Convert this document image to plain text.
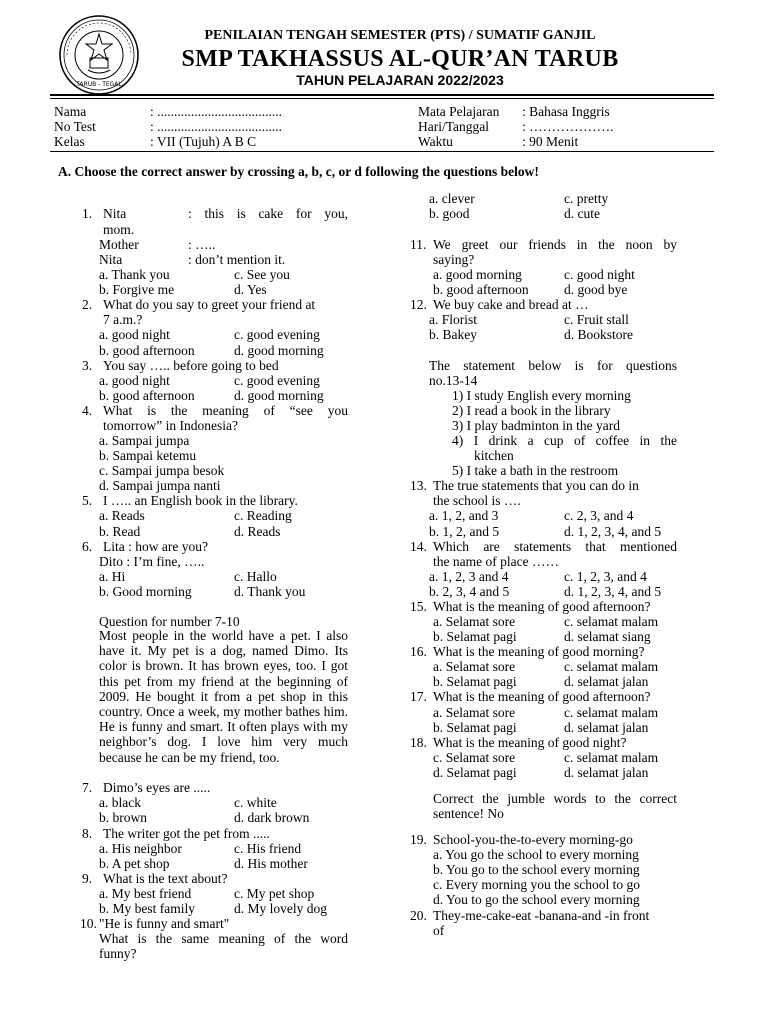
TARUB - TEGAL
PENILAIAN TENGAH SEMESTER (PTS) / SUMATIF GANJIL
SMP TAKHASSUS AL-QUR’AN TARUB
TAHUN PELAJARAN 2022/2023
Nama	: .....................................
No Test	: .....................................
Kelas	: VII (Tujuh) A B C
Mata Pelajaran : Bahasa Inggris
Hari/Tanggal : ……………….
Waktu	: 90 Menit
A. Choose the correct answer by crossing a, b, c, or d following the questions below!
1. Nita	: this is cake for you,
mom.
Mother	: …..
Nita	: don’t mention it.
a. Thank you	c. See you
b. Forgive me	d. Yes
2. What do you say to greet your friend at
7 a.m.?
a. good night	c. good evening
b. good afternoon	d. good morning
3. You say ….. before going to bed
a. good night	c. good evening
b. good afternoon	d. good morning
4. What is the meaning of “see you
tomorrow” in Indonesia?
a. Sampai jumpa
b. Sampai ketemu
c. Sampai jumpa besok
d. Sampai jumpa nanti
5. I ….. an English book in the library.
a. Reads	c. Reading
b. Read	d. Reads
6. Lita : how are you?
Dito : I’m fine, …..
a. Hi	c. Hallo
b. Good morning	d. Thank you
Question for number 7-10
Most people in the world have a pet. I also have it. My pet is a dog, named Dimo. Its color is brown. It has brown eyes, too. I got this pet from my friend at the beginning of 2009. He bought it from a pet shop in this country. Once a week, my mother bathes him. He is funny and smart. It often plays with my neighbor’s dog. I love him very much because he can be my friend, too.
7. Dimo’s eyes are .....
a. black	c. white
b. brown	d. dark brown
8. The writer got the pet from .....
a. His neighbor	c. His friend
b. A pet shop	d. His mother
9. What is the text about?
a. My best friend	c. My pet shop
b. My best family	d. My lovely dog
10. "He is funny and smart"
What is the same meaning of the word
funny?
a. clever	c. pretty
b. good	d. cute
11. We greet our friends in the noon by
saying?
a. good morning	c. good night
b. good afternoon	d. good bye
12. We buy cake and bread at …
a. Florist	c. Fruit stall
b. Bakey	d. Bookstore
The statement below is for questions
no.13-14
1) I study English every morning
2) I read a book in the library
3) I play badminton in the yard
4) I drink a cup of coffee in the
kitchen
5) I take a bath in the restroom
13. The true statements that you can do in
the school is ….
a. 1, 2, and 3	c. 2, 3, and 4
b. 1, 2, and 5	d. 1, 2, 3, 4, and 5
14. Which are statements that mentioned
the name of place ……
a. 1, 2, 3 and 4	c. 1, 2, 3, and 4
b. 2, 3, 4 and 5	d. 1, 2, 3, 4, and 5
15. What is the meaning of good afternoon?
a. Selamat sore	c. selamat malam
b. Selamat pagi	d. selamat siang
16. What is the meaning of good morning?
a. Selamat sore	c. selamat malam
b. Selamat pagi	d. selamat jalan
17. What is the meaning of good afternoon?
a. Selamat sore	c. selamat malam
b. Selamat pagi	d. selamat jalan
18. What is the meaning of good night?
c. Selamat sore	c. selamat malam
d. Selamat pagi	d. selamat jalan
Correct the jumble words to the correct
sentence! No
19. School-you-the-to-every morning-go
a. You go the school to every morning
b. You go to the school every morning
c. Every morning you the school to go
d. You to go the school every morning
20. They-me-cake-eat -banana-and -in front
of
